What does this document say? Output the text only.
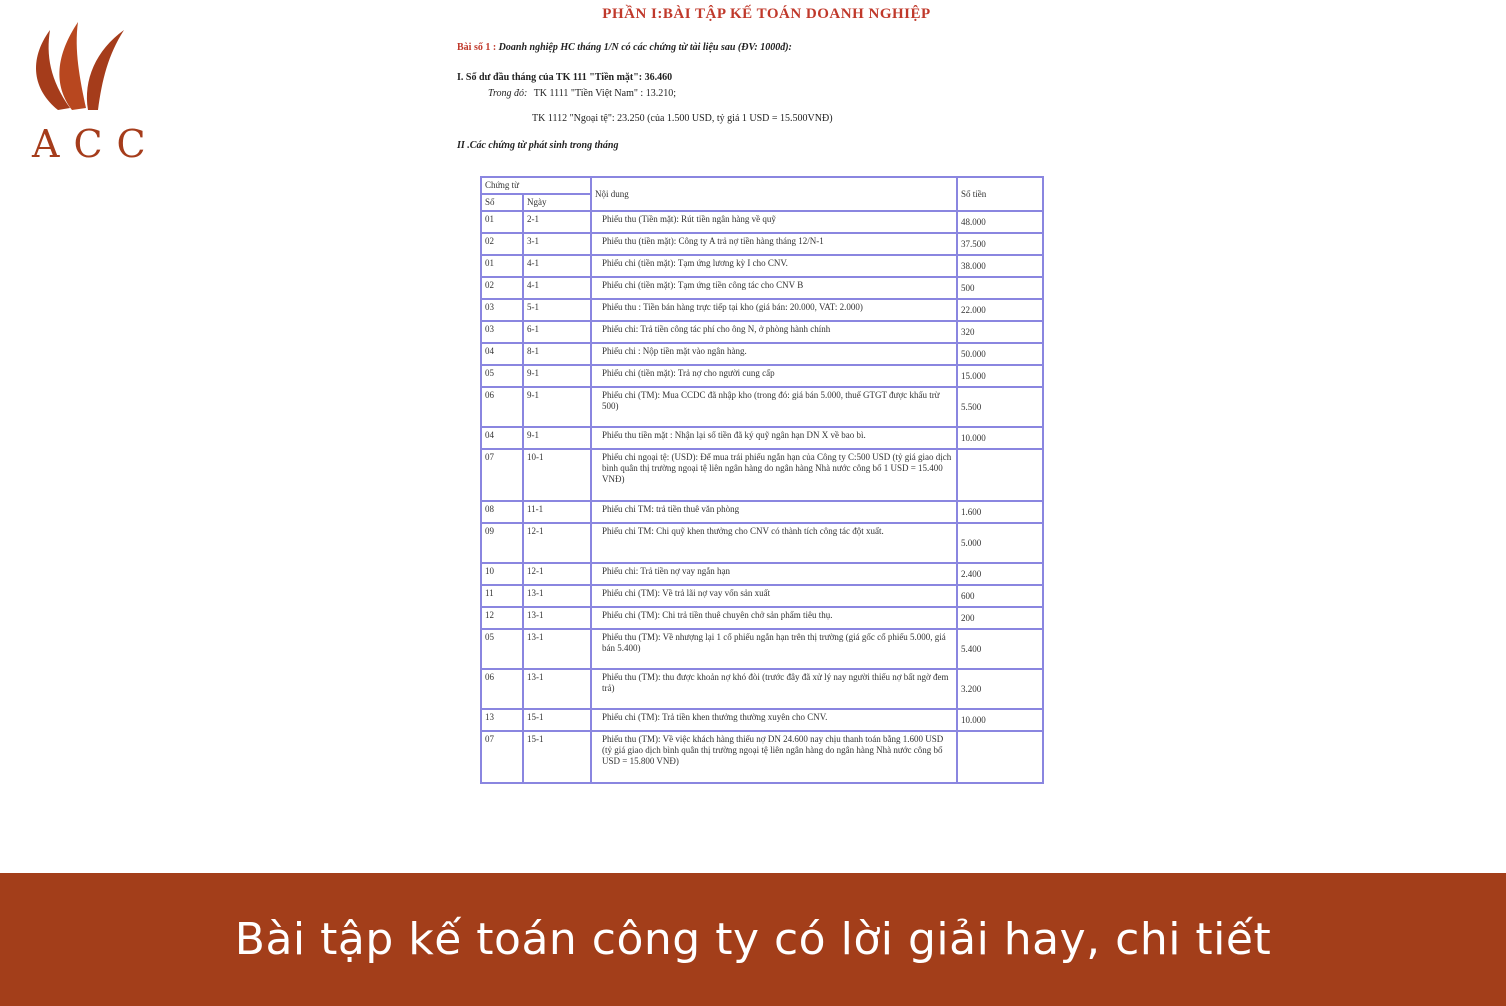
ACC
PHẦN I:BÀI TẬP KẾ TOÁN DOANH NGHIỆP
Bài số 1 : Doanh nghiệp HC tháng 1/N có các chứng từ tài liệu sau (ĐV: 1000đ):
I. Số dư đầu tháng của TK 111 "Tiền mặt": 36.460
Trong đó: TK 1111 "Tiền Việt Nam" : 13.210;
TK 1112 "Ngoại tệ": 23.250 (của 1.500 USD, tỷ giá 1 USD = 15.500VNĐ)
II .Các chứng từ phát sinh trong tháng
Chứng từ		Nội dung	Số tiền
Số	Ngày		
01	2-1	Phiếu thu (Tiền mặt): Rút tiền ngân hàng về quỹ	48.000
02	3-1	Phiếu thu (tiền mặt): Công ty A trả nợ tiền hàng tháng 12/N-1	37.500
01	4-1	Phiếu chi (tiền mặt): Tạm ứng lương kỳ I cho CNV.	38.000
02	4-1	Phiếu chi (tiền mặt): Tạm ứng tiền công tác cho CNV B	500
03	5-1	Phiếu thu : Tiền bán hàng trực tiếp tại kho (giá bán: 20.000, VAT: 2.000)	22.000
03	6-1	Phiếu chi: Trả tiền công tác phí cho ông N, ở phòng hành chính	320
04	8-1	Phiếu chi : Nộp tiền mặt vào ngân hàng.	50.000
05	9-1	Phiếu chi (tiền mặt): Trả nợ cho người cung cấp	15.000
06	9-1	Phiếu chi (TM): Mua CCDC đã nhập kho (trong đó: giá bán 5.000, thuế GTGT được khấu trừ 500)	5.500
04	9-1	Phiếu thu tiền mặt : Nhận lại số tiền đã ký quỹ ngân hạn DN X về bao bì.	10.000
07	10-1	Phiếu chi ngoại tệ: (USD): Để mua trái phiếu ngắn hạn của Công ty C:500 USD (tỷ giá giao dịch bình quân thị trường ngoại tệ liên ngân hàng do ngân hàng Nhà nước công bố 1 USD = 15.400 VNĐ)	
08	11-1	Phiếu chi TM: trả tiền thuê văn phòng	1.600
09	12-1	Phiếu chi TM: Chi quỹ khen thưởng cho CNV có thành tích công tác đột xuất.	5.000
10	12-1	Phiếu chi: Trả tiền nợ vay ngắn hạn	2.400
11	13-1	Phiếu chi (TM): Về trả lãi nợ vay vốn sản xuất	600
12	13-1	Phiếu chi (TM): Chi trả tiền thuê chuyên chở sản phẩm tiêu thụ.	200
05	13-1	Phiếu thu (TM): Về nhượng lại 1 cổ phiếu ngắn hạn trên thị trường (giá gốc cổ phiếu 5.000, giá bán 5.400)	5.400
06	13-1	Phiếu thu (TM): thu được khoản nợ khó đòi (trước đây đã xử lý nay người thiếu nợ bất ngờ đem trả)	3.200
13	15-1	Phiếu chi (TM): Trả tiền khen thưởng thường xuyên cho CNV.	10.000
07	15-1	Phiếu thu (TM): Về việc khách hàng thiếu nợ DN 24.600 nay chịu thanh toán bằng 1.600 USD (tỷ giá giao dịch bình quân thị trường ngoại tệ liên ngân hàng do ngân hàng Nhà nước công bố USD = 15.800 VNĐ)	
Bài tập kế toán công ty có lời giải hay, chi tiết
